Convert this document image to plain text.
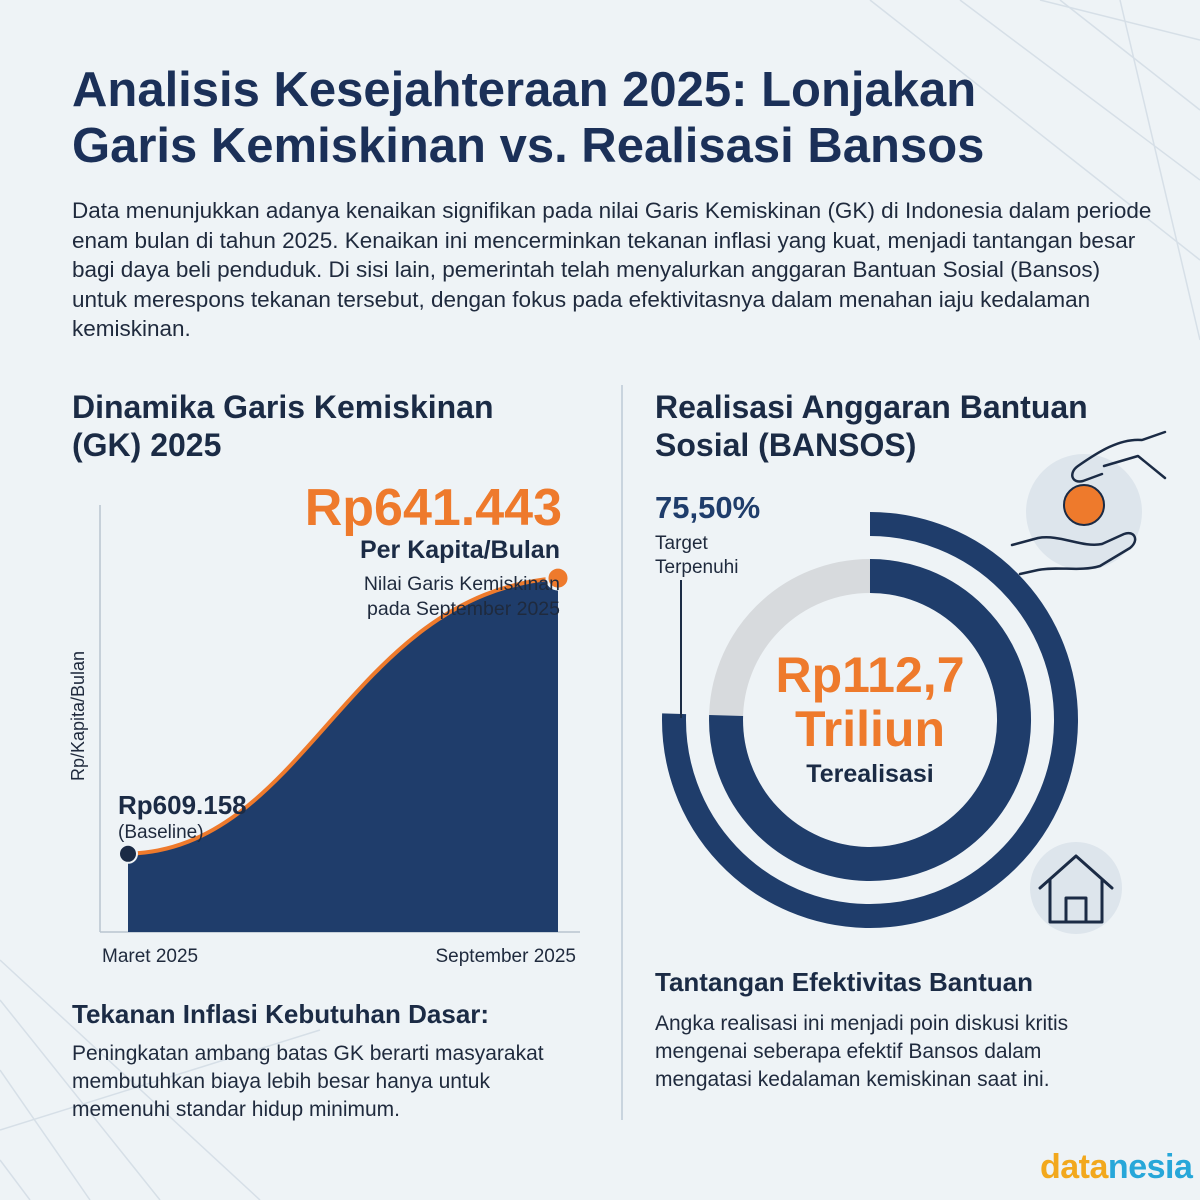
Analisis Kesejahteraan 2025: Lonjakan
Garis Kemiskinan vs. Realisasi Bansos

Data menunjukkan adanya kenaikan signifikan pada nilai Garis Kemiskinan (GK) di Indonesia dalam periode enam bulan di tahun 2025. Kenaikan ini mencerminkan tekanan inflasi yang kuat, menjadi tantangan besar bagi daya beli penduduk. Di sisi lain, pemerintah telah menyalurkan anggaran Bantuan Sosial (Bansos) untuk merespons tekanan tersebut, dengan fokus pada efektivitasnya dalam menahan iaju kedalaman kemiskinan.

Dinamika Garis Kemiskinan
(GK) 2025
Rp/Kapita/Bulan
Maret 2025	September 2025

Rp641.443

Per Kapita/Bulan

Nilai Garis Kemiskinan
pada September 2025

Rp609.158

(Baseline)

Tekanan Inflasi Kebutuhan Dasar:

Peningkatan ambang batas GK berarti masyarakat membutuhkan biaya lebih besar hanya untuk memenuhi standar hidup minimum.

Realisasi Anggaran Bantuan
Sosial (BANSOS)

75,50%

Target
Terpenuhi

Rp112,7
Triliun

Terealisasi

Tantangan Efektivitas Bantuan

Angka realisasi ini menjadi poin diskusi kritis mengenai seberapa efektif Bansos dalam mengatasi kedalaman kemiskinan saat ini.

datanesia
